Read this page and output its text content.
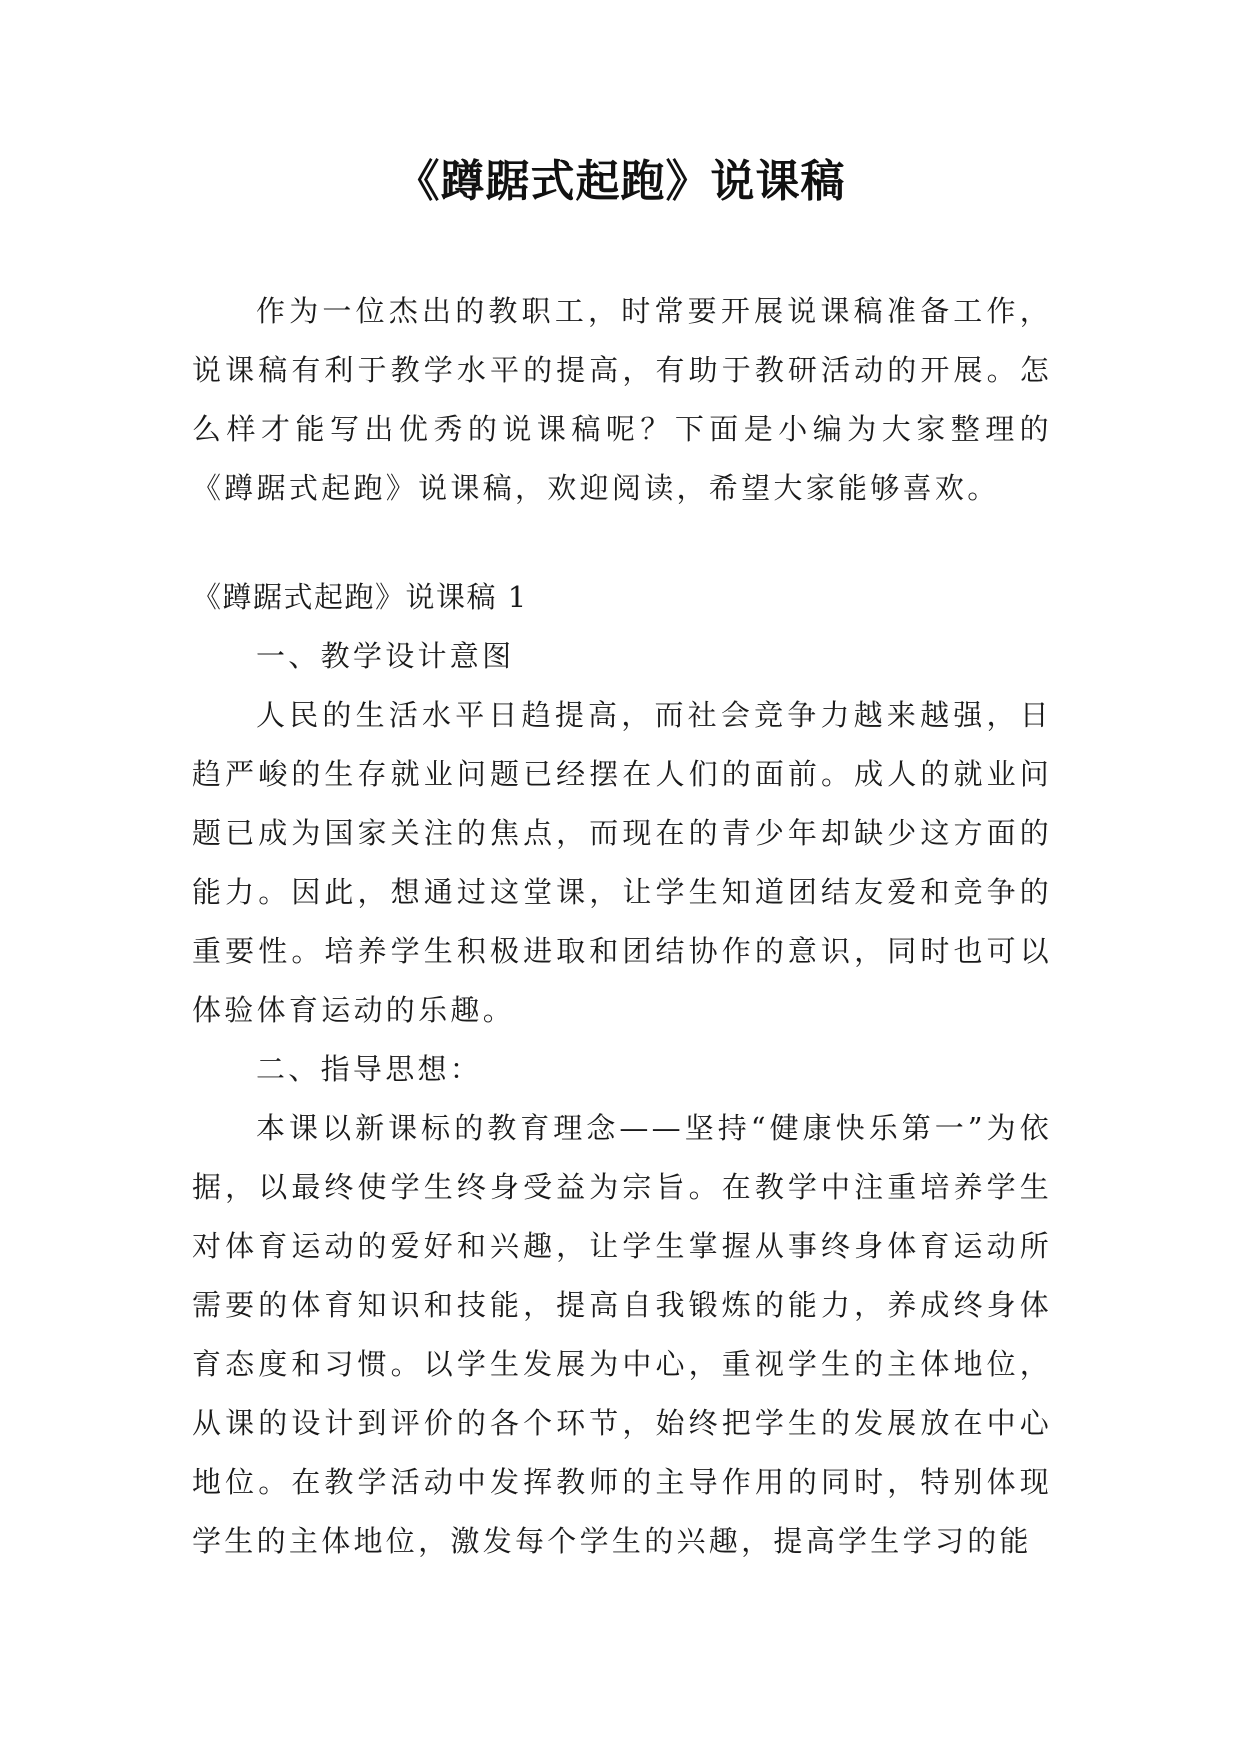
《蹲踞式起跑》说课稿

作为一位杰出的教职工，时常要开展说课稿准备工作，说课稿有利于教学水平的提高，有助于教研活动的开展。怎么样才能写出优秀的说课稿呢？下面是小编为大家整理的《蹲踞式起跑》说课稿，欢迎阅读，希望大家能够喜欢。

《蹲踞式起跑》说课稿 1

一、教学设计意图

人民的生活水平日趋提高，而社会竞争力越来越强，日趋严峻的生存就业问题已经摆在人们的面前。成人的就业问题已成为国家关注的焦点，而现在的青少年却缺少这方面的能力。因此，想通过这堂课，让学生知道团结友爱和竞争的重要性。培养学生积极进取和团结协作的意识，同时也可以体验体育运动的乐趣。

二、指导思想：

本课以新课标的教育理念——坚持“健康快乐第一”为依据，以最终使学生终身受益为宗旨。在教学中注重培养学生对体育运动的爱好和兴趣，让学生掌握从事终身体育运动所需要的体育知识和技能，提高自我锻炼的能力，养成终身体育态度和习惯。以学生发展为中心，重视学生的主体地位，从课的设计到评价的各个环节，始终把学生的发展放在中心地位。在教学活动中发挥教师的主导作用的同时，特别体现学生的主体地位，激发每个学生的兴趣，提高学生学习的能
